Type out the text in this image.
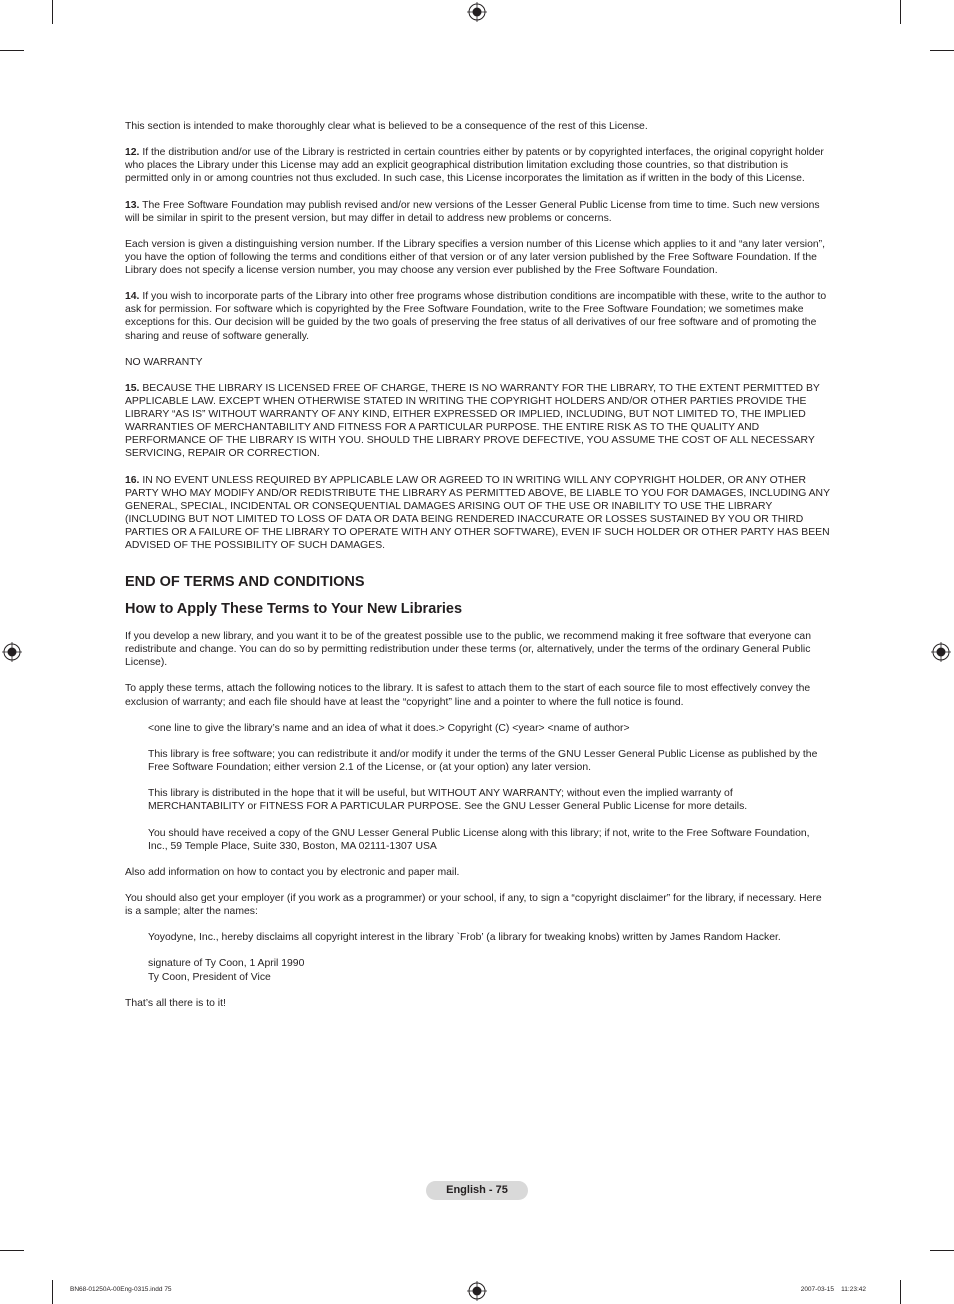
This section is intended to make thoroughly clear what is believed to be a consequence of the rest of this License.

12. If the distribution and/or use of the Library is restricted in certain countries either by patents or by copyrighted interfaces, the original copyright holder who places the Library under this License may add an explicit geographical distribution limitation excluding those countries, so that distribution is permitted only in or among countries not thus excluded. In such case, this License incorporates the limitation as if written in the body of this License.

13. The Free Software Foundation may publish revised and/or new versions of the Lesser General Public License from time to time. Such new versions will be similar in spirit to the present version, but may differ in detail to address new problems or concerns.

Each version is given a distinguishing version number. If the Library specifies a version number of this License which applies to it and “any later version”, you have the option of following the terms and conditions either of that version or of any later version published by the Free Software Foundation. If the Library does not specify a license version number, you may choose any version ever published by the Free Software Foundation.

14. If you wish to incorporate parts of the Library into other free programs whose distribution conditions are incompatible with these, write to the author to ask for permission. For software which is copyrighted by the Free Software Foundation, write to the Free Software Foundation; we sometimes make exceptions for this. Our decision will be guided by the two goals of preserving the free status of all derivatives of our free software and of promoting the sharing and reuse of software generally.

NO WARRANTY

15. BECAUSE THE LIBRARY IS LICENSED FREE OF CHARGE, THERE IS NO WARRANTY FOR THE LIBRARY, TO THE EXTENT PERMITTED BY APPLICABLE LAW. EXCEPT WHEN OTHERWISE STATED IN WRITING THE COPYRIGHT HOLDERS AND/OR OTHER PARTIES PROVIDE THE LIBRARY “AS IS” WITHOUT WARRANTY OF ANY KIND, EITHER EXPRESSED OR IMPLIED, INCLUDING, BUT NOT LIMITED TO, THE IMPLIED WARRANTIES OF MERCHANTABILITY AND FITNESS FOR A PARTICULAR PURPOSE. THE ENTIRE RISK AS TO THE QUALITY AND PERFORMANCE OF THE LIBRARY IS WITH YOU. SHOULD THE LIBRARY PROVE DEFECTIVE, YOU ASSUME THE COST OF ALL NECESSARY SERVICING, REPAIR OR CORRECTION.

16. IN NO EVENT UNLESS REQUIRED BY APPLICABLE LAW OR AGREED TO IN WRITING WILL ANY COPYRIGHT HOLDER, OR ANY OTHER PARTY WHO MAY MODIFY AND/OR REDISTRIBUTE THE LIBRARY AS PERMITTED ABOVE, BE LIABLE TO YOU FOR DAMAGES, INCLUDING ANY GENERAL, SPECIAL, INCIDENTAL OR CONSEQUENTIAL DAMAGES ARISING OUT OF THE USE OR INABILITY TO USE THE LIBRARY (INCLUDING BUT NOT LIMITED TO LOSS OF DATA OR DATA BEING RENDERED INACCURATE OR LOSSES SUSTAINED BY YOU OR THIRD PARTIES OR A FAILURE OF THE LIBRARY TO OPERATE WITH ANY OTHER SOFTWARE), EVEN IF SUCH HOLDER OR OTHER PARTY HAS BEEN ADVISED OF THE POSSIBILITY OF SUCH DAMAGES.

END OF TERMS AND CONDITIONS

How to Apply These Terms to Your New Libraries

If you develop a new library, and you want it to be of the greatest possible use to the public, we recommend making it free software that everyone can redistribute and change. You can do so by permitting redistribution under these terms (or, alternatively, under the terms of the ordinary General Public License).

To apply these terms, attach the following notices to the library. It is safest to attach them to the start of each source file to most effectively convey the exclusion of warranty; and each file should have at least the “copyright” line and a pointer to where the full notice is found.

<one line to give the library’s name and an idea of what it does.> Copyright (C) <year> <name of author>

This library is free software; you can redistribute it and/or modify it under the terms of the GNU Lesser General Public License as published by the Free Software Foundation; either version 2.1 of the License, or (at your option) any later version.

This library is distributed in the hope that it will be useful, but WITHOUT ANY WARRANTY; without even the implied warranty of MERCHANTABILITY or FITNESS FOR A PARTICULAR PURPOSE. See the GNU Lesser General Public License for more details.

You should have received a copy of the GNU Lesser General Public License along with this library; if not, write to the Free Software Foundation, Inc., 59 Temple Place, Suite 330, Boston, MA 02111-1307 USA

Also add information on how to contact you by electronic and paper mail.

You should also get your employer (if you work as a programmer) or your school, if any, to sign a “copyright disclaimer” for the library, if necessary. Here is a sample; alter the names:

Yoyodyne, Inc., hereby disclaims all copyright interest in the library `Frob’ (a library for tweaking knobs) written by James Random Hacker.

signature of Ty Coon, 1 April 1990
Ty Coon, President of Vice

That’s all there is to it!

English - 75
BN68-01250A-00Eng-0315.indd 75	2007-03-15    11:23:42
